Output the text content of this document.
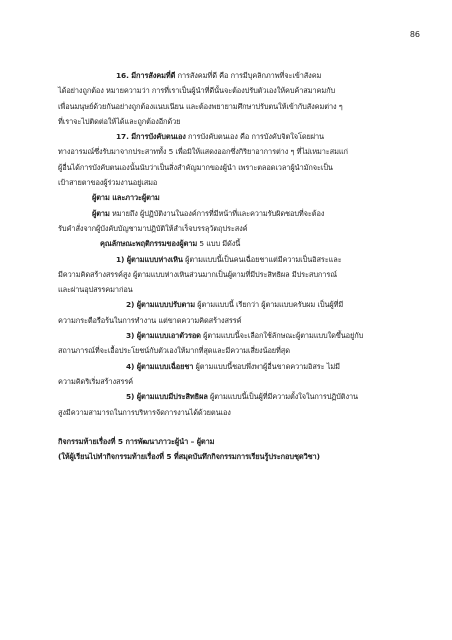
86
16. มีการสังคมที่ดี การสังคมที่ดี คือ การมีบุคลิกภาพที่จะเข้าสังคม
ได้อย่างถูกต้อง หมายความว่า การที่เราเป็นผู้นำที่ดีนั้นจะต้องปรับตัวเองให้คบค้าสมาคมกับ
เพื่อนมนุษย์ด้วยกันอย่างถูกต้องแนบเนียน และต้องพยายามศึกษาปรับตนให้เข้ากับสังคมต่าง ๆ
ที่เราจะไปติดต่อให้ได้และถูกต้องอีกด้วย
17. มีการบังคับตนเอง การบังคับตนเอง คือ การบังคับจิตใจโดยผ่าน
ทางอารมณ์ซึ่งรับมาจากประสาททั้ง 5 เพื่อมิให้แสดงออกซึ่งกิริยาอาการต่าง ๆ ที่ไม่เหมาะสมแก่
ผู้อื่นได้การบังคับตนเองนั้นนับว่าเป็นสิ่งสำคัญมากของผู้นำ เพราะตลอดเวลาผู้นำมักจะเป็น
เป้าสายตาของผู้ร่วมงานอยู่เสมอ
ผู้ตาม และภาวะผู้ตาม
ผู้ตาม หมายถึง ผู้ปฏิบัติงานในองค์การที่มีหน้าที่และความรับผิดชอบที่จะต้อง
รับคำสั่งจากผู้บังคับบัญชามาปฏิบัติให้สำเร็จบรรลุวัตถุประสงค์
คุณลักษณะพฤติกรรมของผู้ตาม 5 แบบ มีดังนี้
1) ผู้ตามแบบห่างเหิน ผู้ตามแบบนี้เป็นคนเฉื่อยชาแต่มีความเป็นอิสระและ
มีความคิดสร้างสรรค์สูง ผู้ตามแบบห่างเหินส่วนมากเป็นผู้ตามที่มีประสิทธิผล มีประสบการณ์
และผ่านอุปสรรคมาก่อน
2) ผู้ตามแบบปรับตาม ผู้ตามแบบนี้ เรียกว่า ผู้ตามแบบครับผม เป็นผู้ที่มี
ความกระตือรือร้นในการทำงาน แต่ขาดความคิดสร้างสรรค์
3) ผู้ตามแบบเอาตัวรอด ผู้ตามแบบนี้จะเลือกใช้ลักษณะผู้ตามแบบใดขึ้นอยู่กับ
สถานการณ์ที่จะเอื้อประโยชน์กับตัวเองให้มากที่สุดและมีความเสี่ยงน้อยที่สุด
4) ผู้ตามแบบเฉื่อยชา ผู้ตามแบบนี้ชอบพึ่งพาผู้อื่นขาดความอิสระ ไม่มี
ความคิดริเริ่มสร้างสรรค์
5) ผู้ตามแบบมีประสิทธิผล ผู้ตามแบบนี้เป็นผู้ที่มีความตั้งใจในการปฏิบัติงาน
สูงมีความสามารถในการบริหารจัดการงานได้ด้วยตนเอง
กิจกรรมท้ายเรื่องที่ 5 การพัฒนาภาวะผู้นำ – ผู้ตาม
(ให้ผู้เรียนไปทำกิจกรรมท้ายเรื่องที่ 5 ที่สมุดบันทึกกิจกรรมการเรียนรู้ประกอบชุดวิชา)
